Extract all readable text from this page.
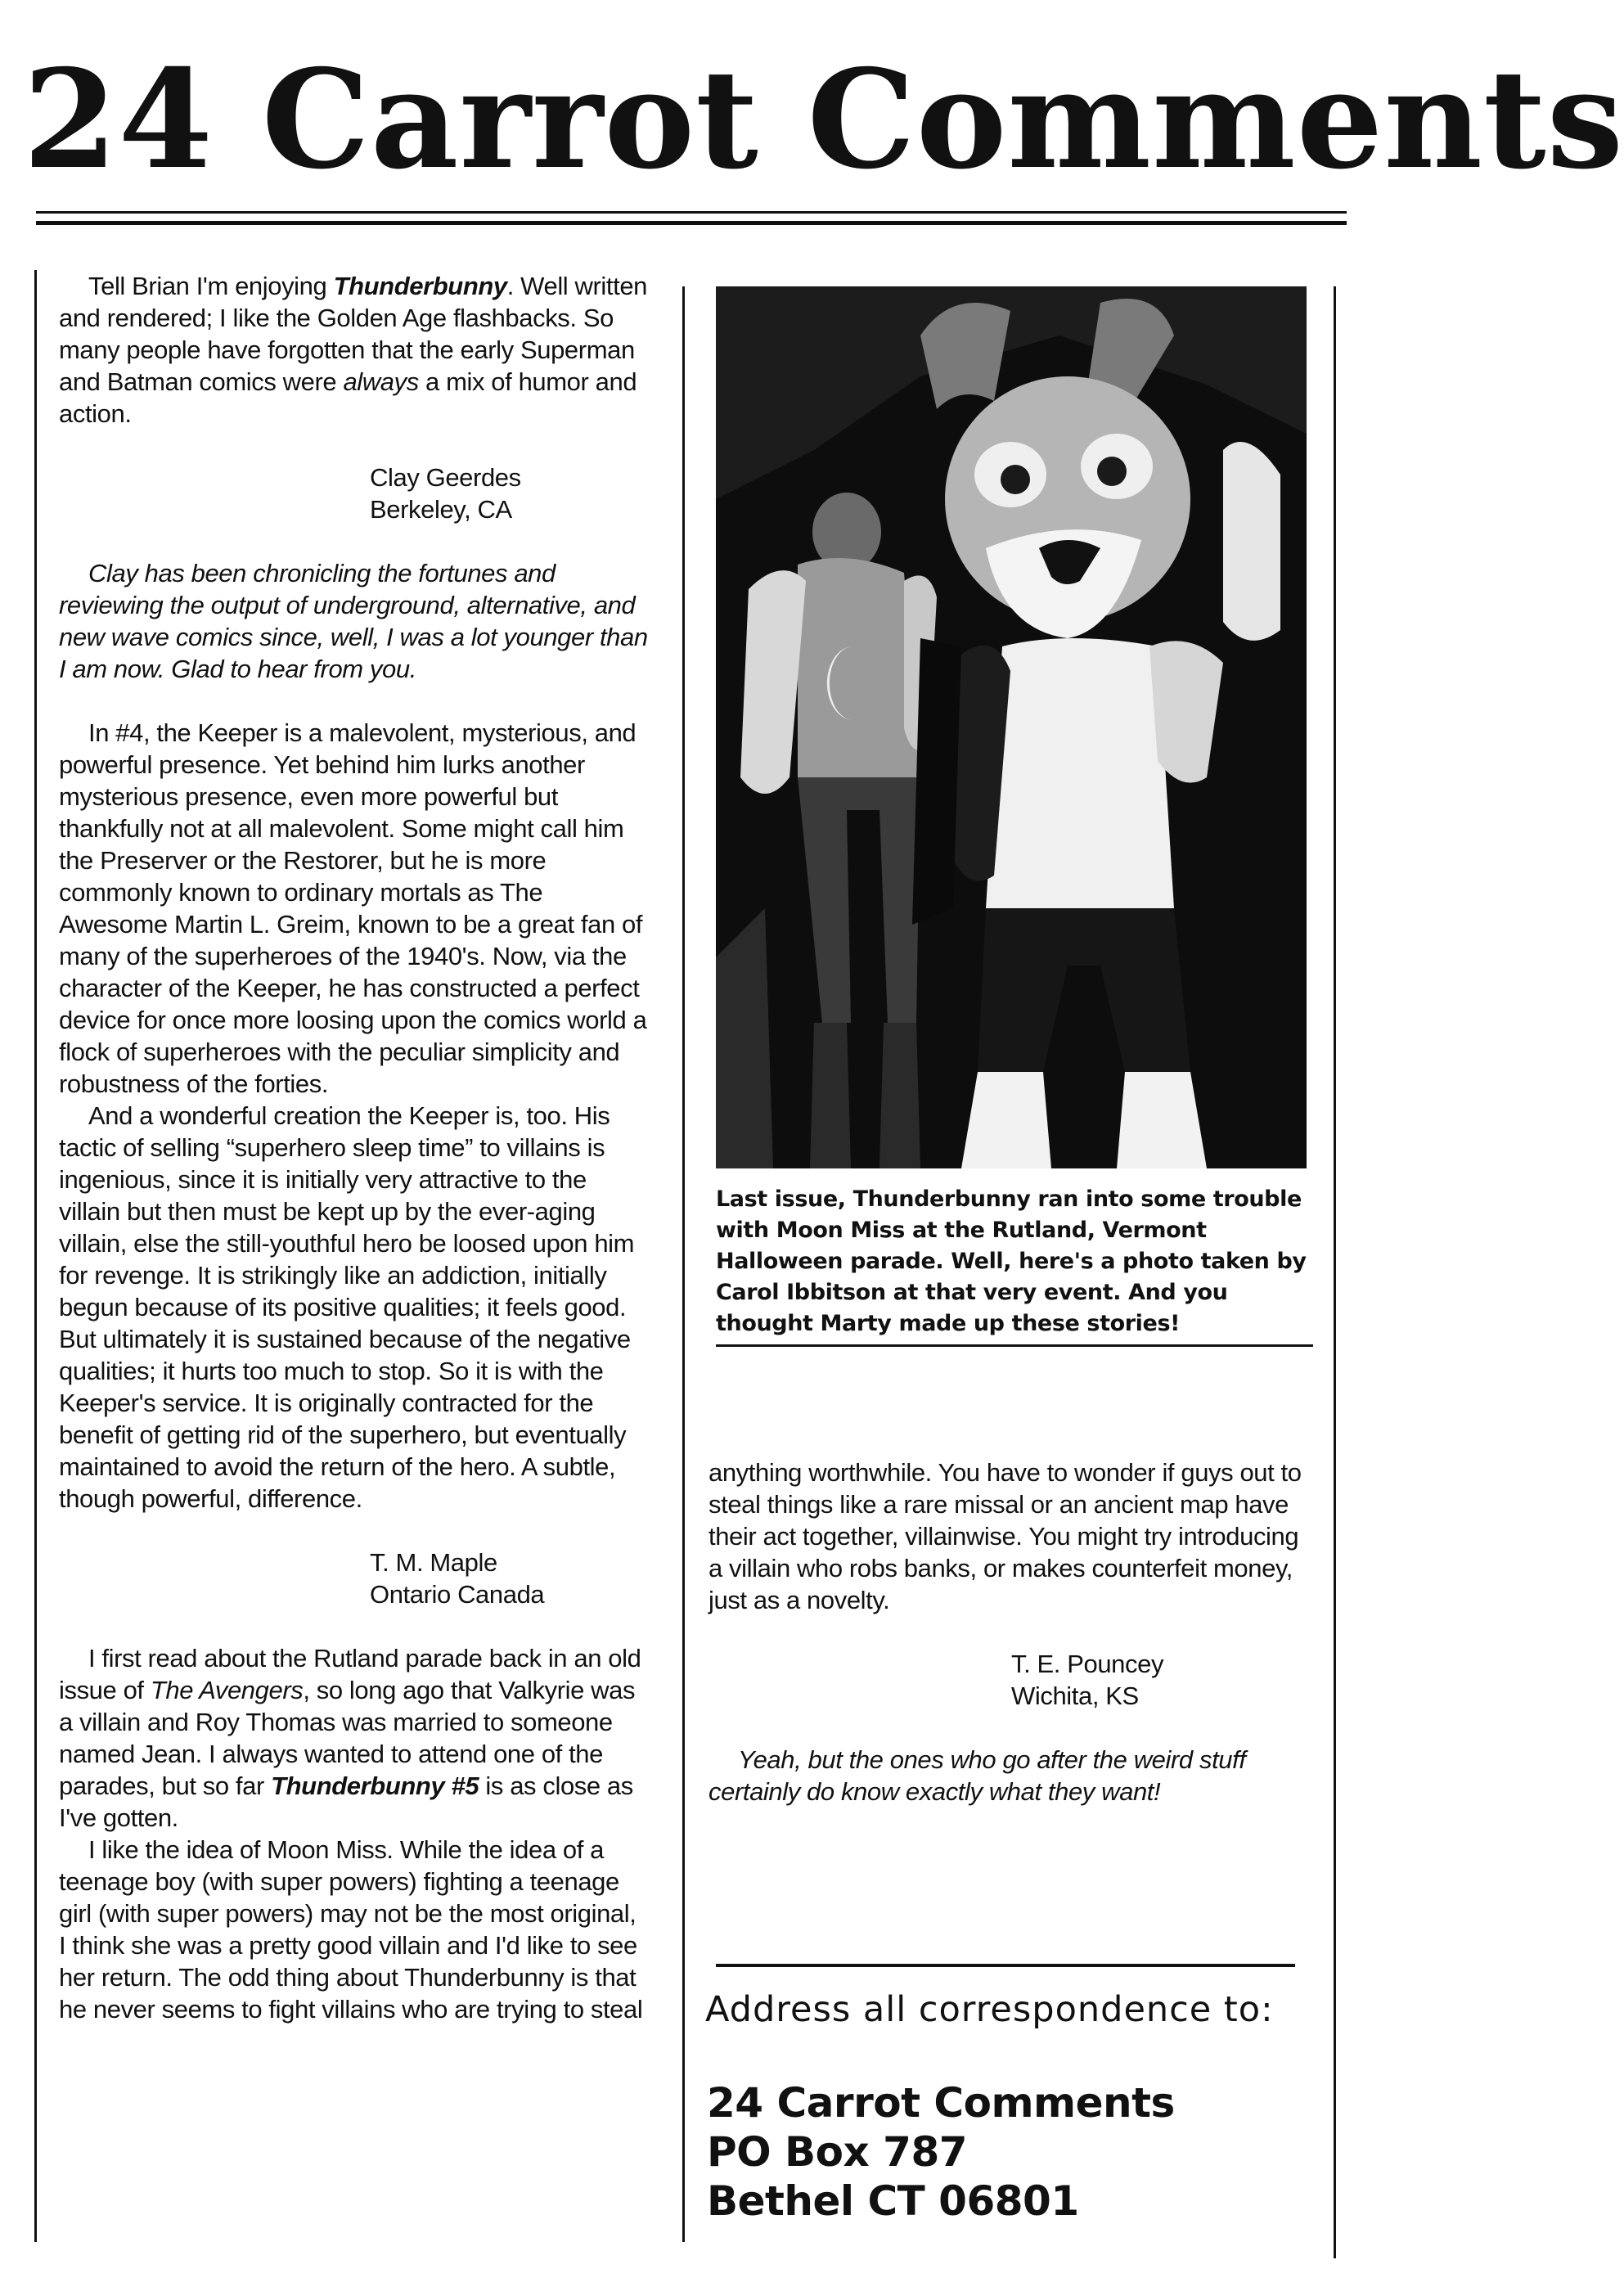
24 Carrot Comments

Tell Brian I'm enjoying Thunderbunny. Well written and rendered; I like the Golden Age flashbacks. So many people have forgotten that the early Superman and Batman comics were always a mix of humor and action.

Clay Geerdes
Berkeley, CA

Clay has been chronicling the fortunes and reviewing the output of underground, alternative, and new wave comics since, well, I was a lot younger than I am now. Glad to hear from you.

In #4, the Keeper is a malevolent, mysterious, and powerful presence. Yet behind him lurks another mysterious presence, even more powerful but thankfully not at all malevolent. Some might call him the Preserver or the Restorer, but he is more commonly known to ordinary mortals as The Awesome Martin L. Greim, known to be a great fan of many of the superheroes of the 1940's. Now, via the character of the Keeper, he has constructed a perfect device for once more loosing upon the comics world a flock of superheroes with the peculiar simplicity and robustness of the forties.

And a wonderful creation the Keeper is, too. His tactic of selling “superhero sleep time” to villains is ingenious, since it is initially very attractive to the villain but then must be kept up by the ever-aging villain, else the still-youthful hero be loosed upon him for revenge. It is strikingly like an addiction, initially begun because of its positive qualities; it feels good. But ultimately it is sustained because of the negative qualities; it hurts too much to stop. So it is with the Keeper's service. It is originally contracted for the benefit of getting rid of the superhero, but eventually maintained to avoid the return of the hero. A subtle, though powerful, difference.

T. M. Maple
Ontario Canada

I first read about the Rutland parade back in an old issue of The Avengers, so long ago that Valkyrie was a villain and Roy Thomas was married to someone named Jean. I always wanted to attend one of the parades, but so far Thunderbunny #5 is as close as I've gotten.

I like the idea of Moon Miss. While the idea of a teenage boy (with super powers) fighting a teenage girl (with super powers) may not be the most original, I think she was a pretty good villain and I'd like to see her return. The odd thing about Thunderbunny is that he never seems to fight villains who are trying to steal

Last issue, Thunderbunny ran into some trouble with Moon Miss at the Rutland, Vermont Halloween parade. Well, here's a photo taken by Carol Ibbitson at that very event. And you thought Marty made up these stories!

anything worthwhile. You have to wonder if guys out to steal things like a rare missal or an ancient map have their act together, villainwise. You might try introducing a villain who robs banks, or makes counterfeit money, just as a novelty.

T. E. Pouncey
Wichita, KS

Yeah, but the ones who go after the weird stuff certainly do know exactly what they want!

Address all correspondence to:
24 Carrot Comments
PO Box 787
Bethel CT 06801
